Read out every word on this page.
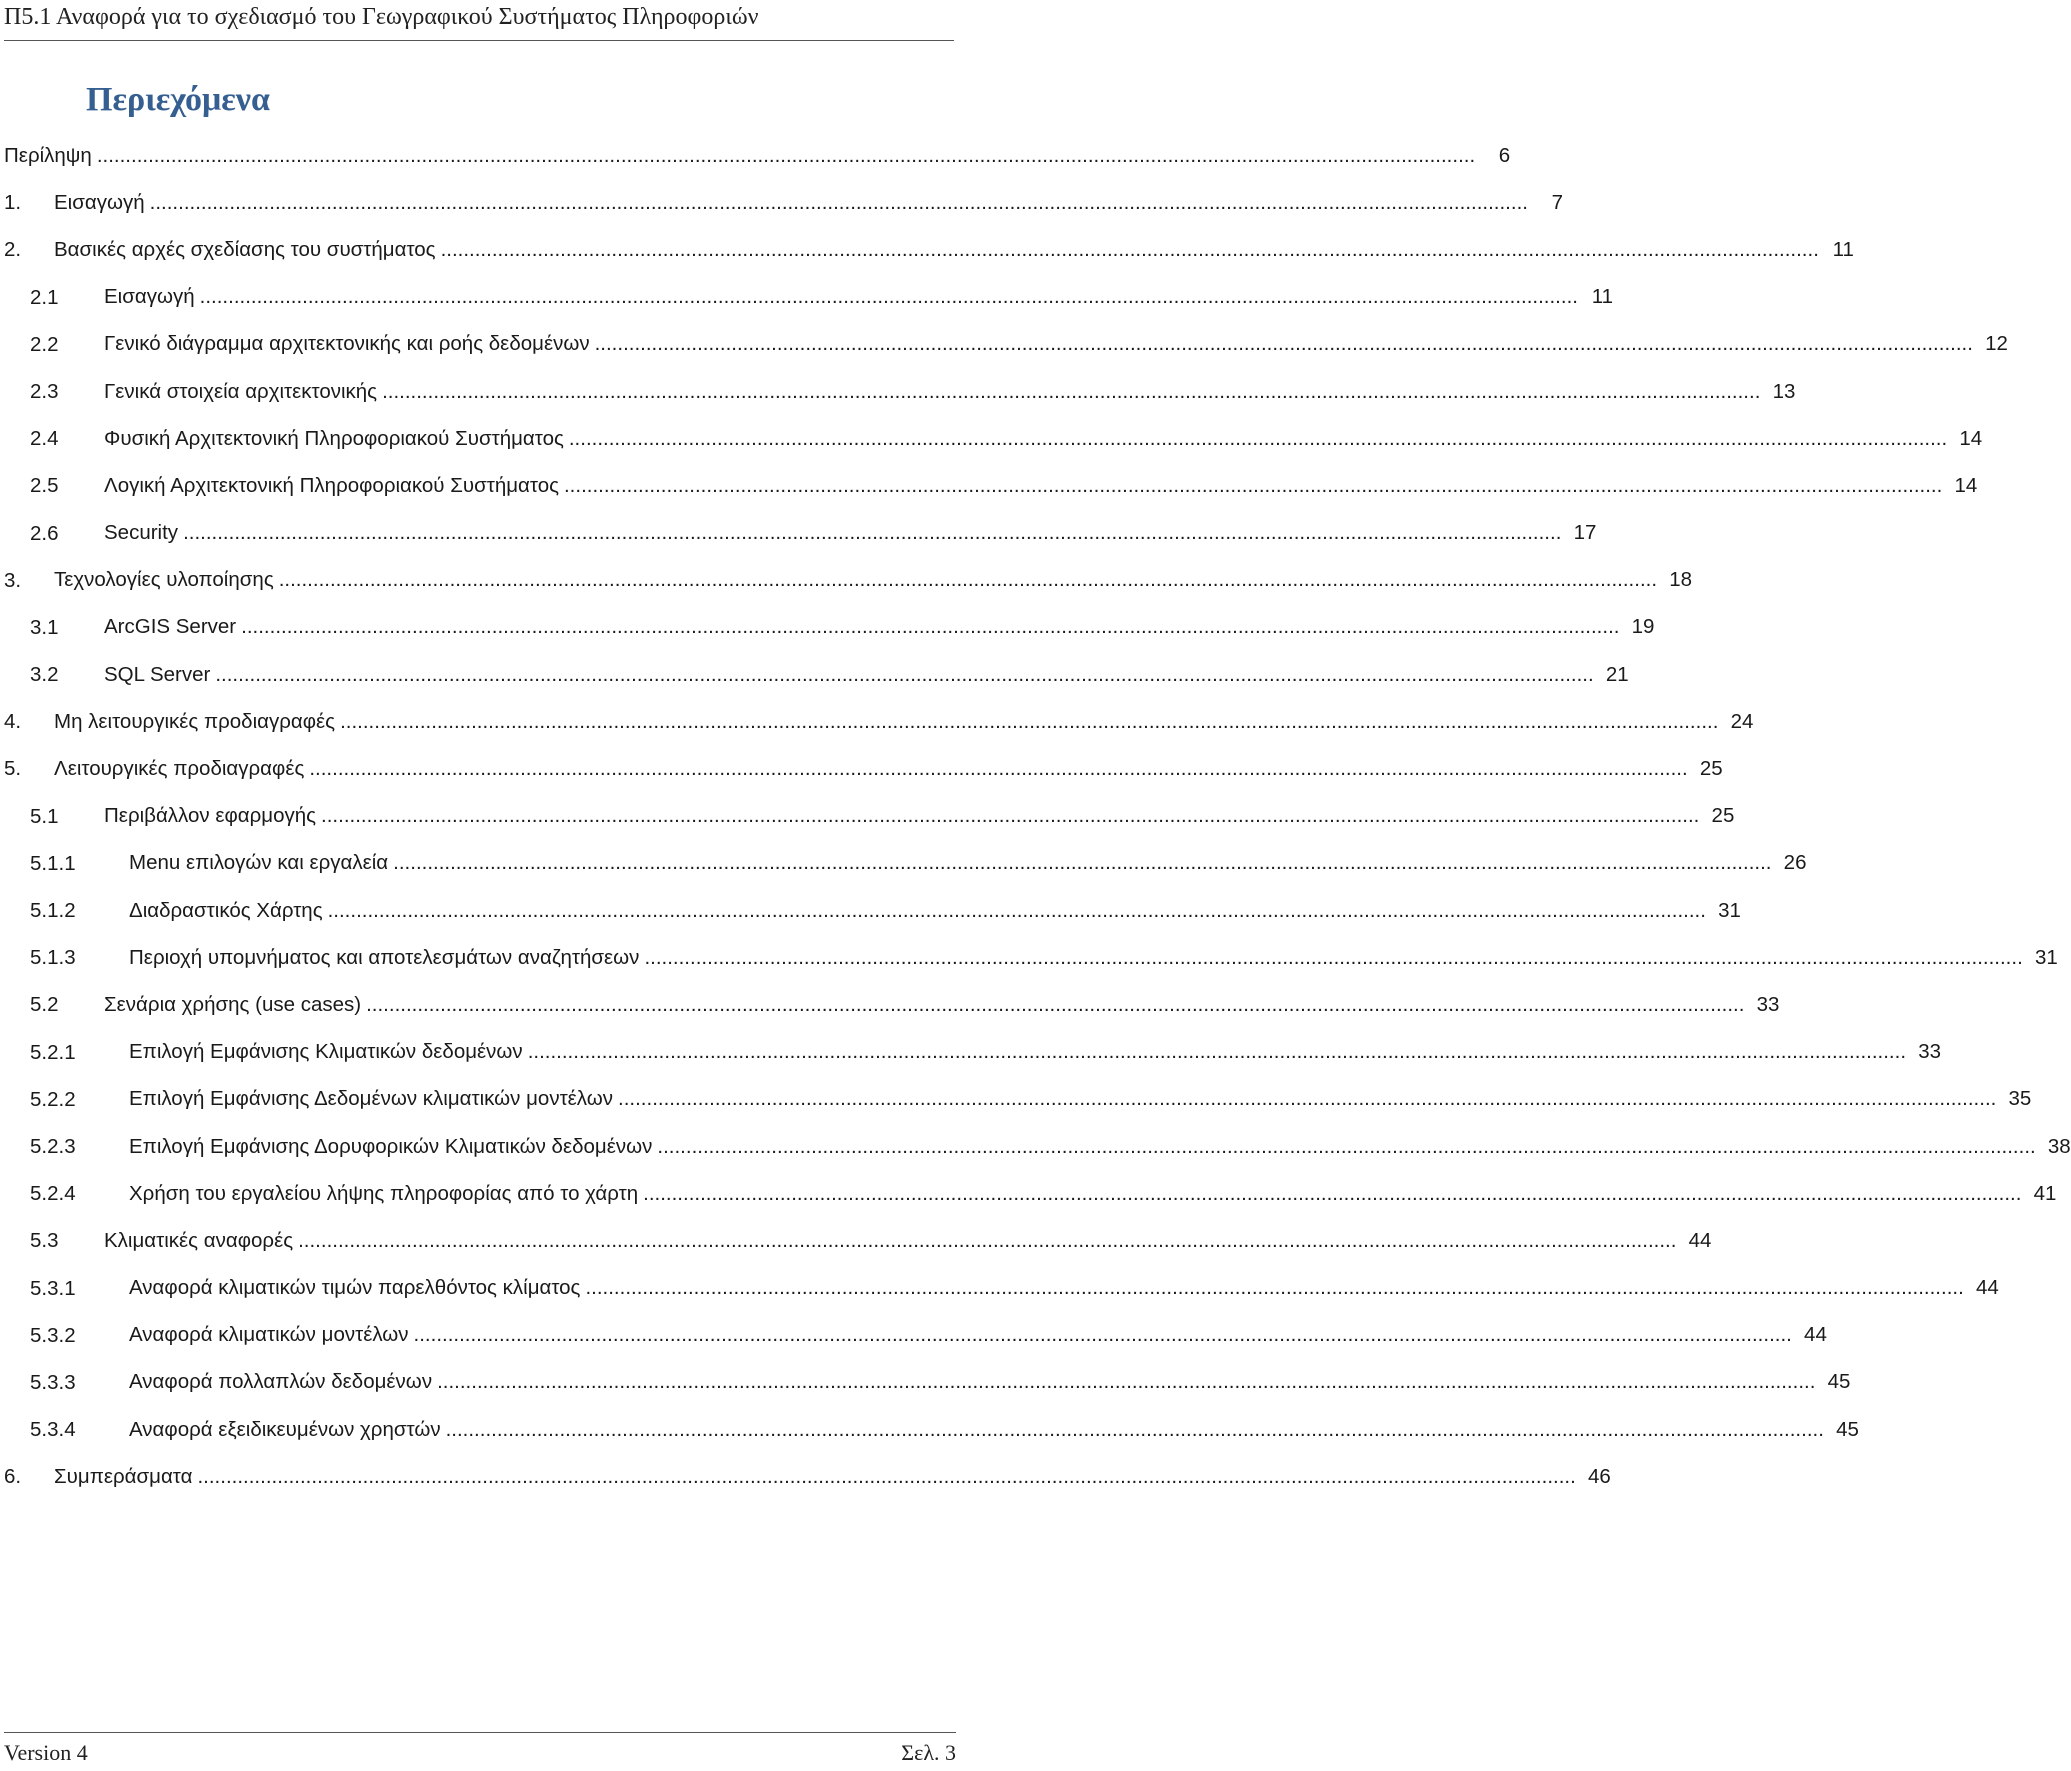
Π5.1 Αναφορά για το σχεδιασμό του Γεωγραφικού Συστήματος Πληροφοριών
Περιεχόμενα
Περίληψη ..................................................................................................................................................................................................................................................	6
1. Εισαγωγή ..................................................................................................................................................................................................................................................	7
2. Βασικές αρχές σχεδίασης του συστήματος .................................................................................................................................................................................................................................................. 11
2.1 Εισαγωγή .................................................................................................................................................................................................................................................. 11
2.2 Γενικό διάγραμμα αρχιτεκτονικής και ροής δεδομένων .................................................................................................................................................................................................................................................. 12
2.3 Γενικά στοιχεία αρχιτεκτονικής .................................................................................................................................................................................................................................................. 13
2.4 Φυσική Αρχιτεκτονική Πληροφοριακού Συστήματος .................................................................................................................................................................................................................................................. 14
2.5 Λογική Αρχιτεκτονική Πληροφοριακού Συστήματος .................................................................................................................................................................................................................................................. 14
2.6 Security .................................................................................................................................................................................................................................................. 17
3. Τεχνολογίες υλοποίησης .................................................................................................................................................................................................................................................. 18
3.1 ArcGIS Server .................................................................................................................................................................................................................................................. 19
3.2 SQL Server .................................................................................................................................................................................................................................................. 21
4. Μη λειτουργικές προδιαγραφές .................................................................................................................................................................................................................................................. 24
5. Λειτουργικές προδιαγραφές .................................................................................................................................................................................................................................................. 25
5.1 Περιβάλλον εφαρμογής .................................................................................................................................................................................................................................................. 25
5.1.1	Menu επιλογών και εργαλεία .................................................................................................................................................................................................................................................. 26
5.1.2	Διαδραστικός Χάρτης .................................................................................................................................................................................................................................................. 31
5.1.3	Περιοχή υπομνήματος και αποτελεσμάτων αναζητήσεων .................................................................................................................................................................................................................................................. 31
5.2 Σενάρια χρήσης (use cases) .................................................................................................................................................................................................................................................. 33
5.2.1	Επιλογή Εμφάνισης Κλιματικών δεδομένων .................................................................................................................................................................................................................................................. 33
5.2.2	Επιλογή Εμφάνισης Δεδομένων κλιματικών μοντέλων .................................................................................................................................................................................................................................................. 35
5.2.3	Επιλογή Εμφάνισης Δορυφορικών Κλιματικών δεδομένων .................................................................................................................................................................................................................................................. 38
5.2.4	Χρήση του εργαλείου λήψης πληροφορίας από το χάρτη .................................................................................................................................................................................................................................................. 41
5.3 Κλιματικές αναφορές .................................................................................................................................................................................................................................................. 44
5.3.1	Αναφορά κλιματικών τιμών παρελθόντος κλίματος .................................................................................................................................................................................................................................................. 44
5.3.2	Αναφορά κλιματικών μοντέλων .................................................................................................................................................................................................................................................. 44
5.3.3	Αναφορά πολλαπλών δεδομένων .................................................................................................................................................................................................................................................. 45
5.3.4	Αναφορά εξειδικευμένων χρηστών .................................................................................................................................................................................................................................................. 45
6. Συμπεράσματα .................................................................................................................................................................................................................................................. 46
Version 4	Σελ. 3
